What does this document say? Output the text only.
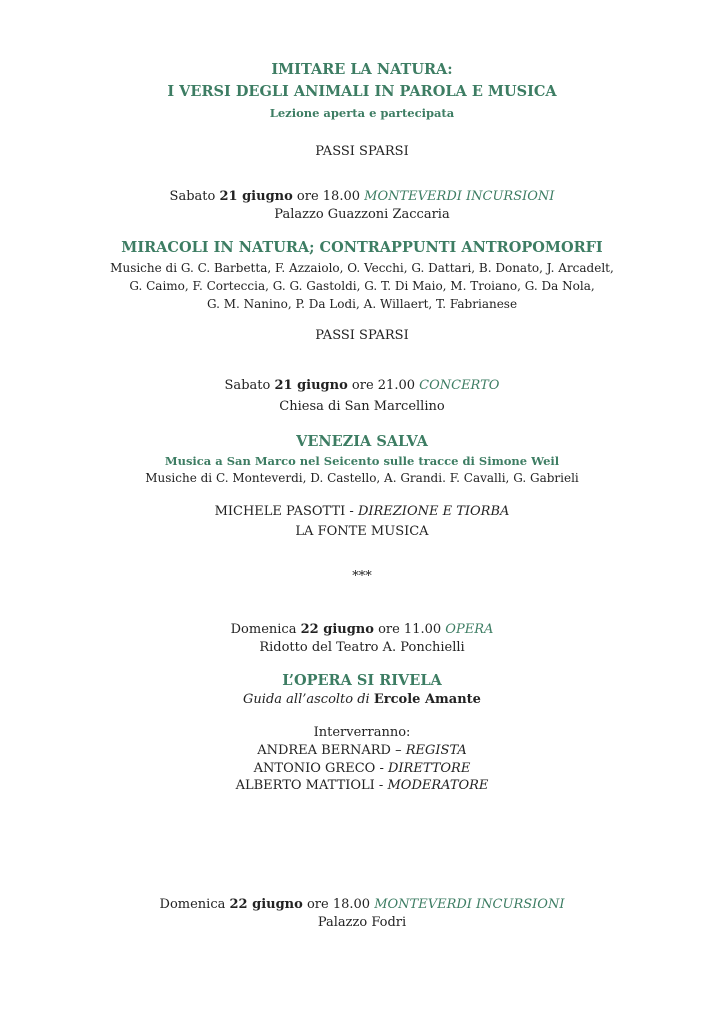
IMITARE LA NATURA:
I VERSI DEGLI ANIMALI IN PAROLA E MUSICA
Lezione aperta e partecipata
PASSI SPARSI
Sabato 21 giugno ore 18.00 MONTEVERDI INCURSIONI
Palazzo Guazzoni Zaccaria
MIRACOLI IN NATURA; CONTRAPPUNTI ANTROPOMORFI
Musiche di G. C. Barbetta, F. Azzaiolo, O. Vecchi, G. Dattari, B. Donato, J. Arcadelt,
G. Caimo, F. Corteccia, G. G. Gastoldi, G. T. Di Maio, M. Troiano, G. Da Nola,
G. M. Nanino, P. Da Lodi, A. Willaert, T. Fabrianese
PASSI SPARSI
Sabato 21 giugno ore 21.00 CONCERTO
Chiesa di San Marcellino
VENEZIA SALVA
Musica a San Marco nel Seicento sulle tracce di Simone Weil
Musiche di C. Monteverdi, D. Castello, A. Grandi. F. Cavalli, G. Gabrieli
MICHELE PASOTTI - DIREZIONE E TIORBA
LA FONTE MUSICA
***
Domenica 22 giugno ore 11.00 OPERA
Ridotto del Teatro A. Ponchielli
L’OPERA SI RIVELA
Guida all’ascolto di Ercole Amante
Interverranno:
ANDREA BERNARD – REGISTA
ANTONIO GRECO - DIRETTORE
ALBERTO MATTIOLI - MODERATORE
Domenica 22 giugno ore 18.00 MONTEVERDI INCURSIONI
Palazzo Fodri
